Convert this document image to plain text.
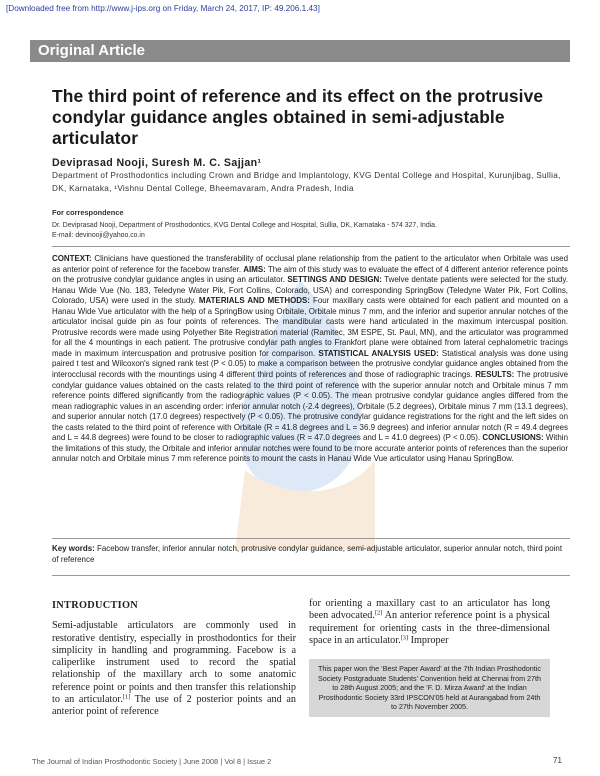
[Downloaded free from http://www.j-ips.org on Friday, March 24, 2017, IP: 49.206.1.43]
Original Article
The third point of reference and its effect on the protrusive condylar guidance angles obtained in semi-adjustable articulator
Deviprasad Nooji, Suresh M. C. Sajjan¹
Department of Prosthodontics including Crown and Bridge and Implantology, KVG Dental College and Hospital, Kurunjibag, Sullia, DK, Karnataka, ¹Vishnu Dental College, Bheemavaram, Andra Pradesh, India
For correspondence
Dr. Deviprasad Nooji, Department of Prosthodontics, KVG Dental College and Hospital, Sullia, DK, Karnataka - 574 327, India.
E-mail: devinooji@yahoo.co.in
CONTEXT: Clinicians have questioned the transferability of occlusal plane relationship from the patient to the articulator when Orbitale was used as anterior point of reference for the facebow transfer. AIMS: The aim of this study was to evaluate the effect of 4 different anterior reference points on the protrusive condylar guidance angles in using an articulator. SETTINGS AND DESIGN: Twelve dentate patients were selected for the study. Hanau Wide Vue (No. 183, Teledyne Water Pik, Fort Collins, Colorado, USA) and corresponding SpringBow (Teledyne Water Pik, Fort Collins, Colorado, USA) were used in the study. MATERIALS AND METHODS: Four maxillary casts were obtained for each patient and mounted on a Hanau Wide Vue articulator with the help of a SpringBow using Orbitale, Orbitale minus 7 mm, and the inferior and superior annular notches of the articulator incisal guide pin as four points of references. The mandibular casts were hand articulated in the maximum intercuspal position. Protrusive records were made using Polyether Bite Registration material (Ramitec, 3M ESPE, St. Paul, MN), and the articulator was programmed for all the 4 mountings in each patient. The protrusive condylar path angles to Frankfort plane were obtained from lateral cephalometric tracings made in maximum intercuspation and protrusive position for comparison. STATISTICAL ANALYSIS USED: Statistical analysis was done using paired t test and Wilcoxon's signed rank test (P < 0.05) to make a comparison between the protrusive condylar guidance angles obtained from the interocclusal records with the mountings using 4 different third points of references and those of radiographic tracings. RESULTS: The protrusive condylar guidance values obtained on the casts related to the third point of reference with the superior annular notch and Orbitale minus 7 mm reference points differed significantly from the radiographic values (P < 0.05). The mean protrusive condylar guidance angles differed from the mean radiographic values in an ascending order: inferior annular notch (-2.4 degrees), Orbitale (5.2 degrees), Orbitale minus 7 mm (13.1 degrees), and superior annular notch (17.0 degrees) respectively (P < 0.05). The protrusive condylar guidance registrations for the right and the left sides on the casts related to the third point of reference with Orbitale (R = 41.8 degrees and L = 36.9 degrees) and inferior annular notch (R = 49.4 degrees and L = 44.8 degrees) were found to be closer to radiographic values (R = 47.0 degrees and L = 41.0 degrees) (P < 0.05). CONCLUSIONS: Within the limitations of this study, the Orbitale and inferior annular notches were found to be more accurate anterior points of references than the superior annular notch and Orbitale minus 7 mm reference points to mount the casts in Hanau Wide Vue articulator using Hanau SpringBow.
Key words: Facebow transfer, inferior annular notch, protrusive condylar guidance, semi-adjustable articulator, superior annular notch, third point of reference
INTRODUCTION

Semi-adjustable articulators are commonly used in restorative dentistry, especially in prosthodontics for their simplicity in handling and programming. Facebow is a caliperlike instrument used to record the spatial relationship of the maxillary arch to some anatomic reference point or points and then transfer this relationship to an articulator.[1] The use of 2 posterior points and an anterior point of reference

for orienting a maxillary cast to an articulator has long been advocated.[2] An anterior reference point is a physical requirement for orienting casts in the three-dimensional space in an articulator.[3] Improper

This paper won the ‘Best Paper Award’ at the 7th Indian Prosthodontic Society Postgraduate Students’ Convention held at Chennai from 27th to 28th August 2005; and the ‘F. D. Mirza Award’ at the Indian Prosthodontic Society 33rd IPSCON’05 held at Aurangabad from 24th to 27th November 2005.
The Journal of Indian Prosthodontic Society | June 2008 | Vol 8 | Issue 2	71
